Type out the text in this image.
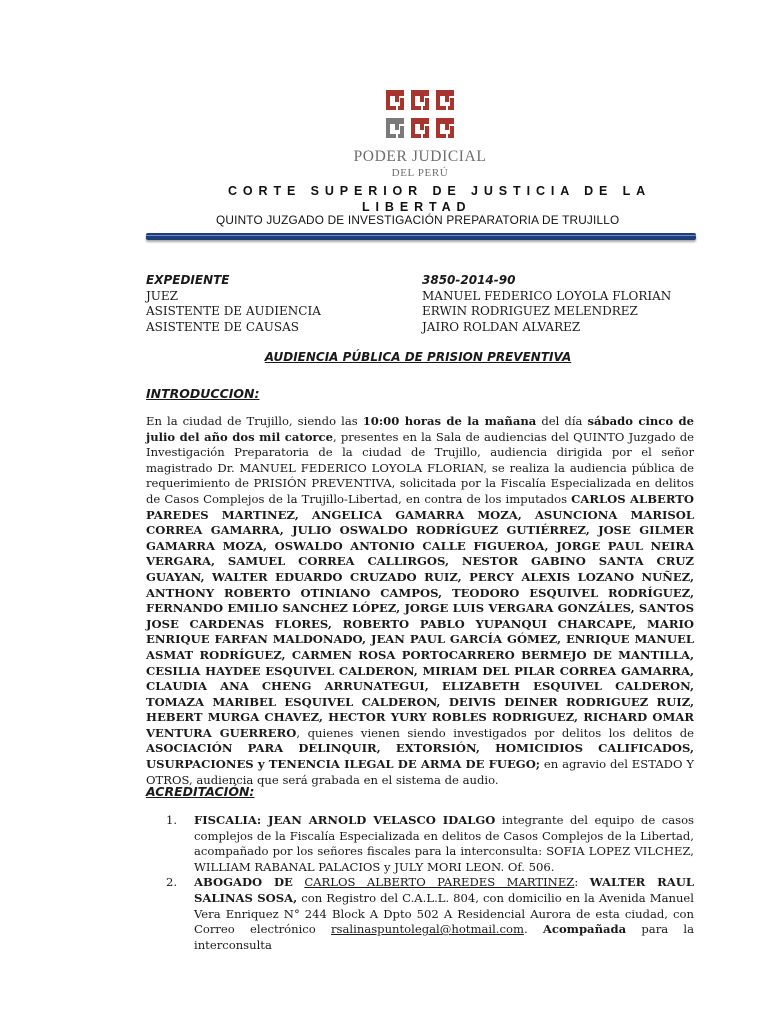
PODER JUDICIAL
DEL PERÚ
CORTE SUPERIOR DE JUSTICIA DE LA
LIBERTAD
QUINTO JUZGADO DE INVESTIGACIÓN PREPARATORIA DE TRUJILLO
EXPEDIENTE	3850-2014-90
JUEZ	MANUEL FEDERICO LOYOLA FLORIAN
ASISTENTE DE AUDIENCIA	ERWIN RODRIGUEZ MELENDREZ
ASISTENTE DE CAUSAS	JAIRO ROLDAN ALVAREZ
AUDIENCIA PÚBLICA DE PRISION PREVENTIVA
INTRODUCCION:
En la ciudad de Trujillo, siendo las 10:00 horas de la mañana del día sábado cinco de julio del año dos mil catorce, presentes en la Sala de audiencias del QUINTO Juzgado de Investigación Preparatoria de la ciudad de Trujillo, audiencia dirigida por el señor magistrado Dr. MANUEL FEDERICO LOYOLA FLORIAN, se realiza la audiencia pública de requerimiento de PRISIÓN PREVENTIVA, solicitada por la Fiscalía Especializada en delitos de Casos Complejos de la Trujillo-Libertad, en contra de los imputados CARLOS ALBERTO PAREDES MARTINEZ, ANGELICA GAMARRA MOZA, ASUNCIONA MARISOL CORREA GAMARRA, JULIO OSWALDO RODRÍGUEZ GUTIÉRREZ, JOSE GILMER GAMARRA MOZA, OSWALDO ANTONIO CALLE FIGUEROA, JORGE PAUL NEIRA VERGARA, SAMUEL CORREA CALLIRGOS, NESTOR GABINO SANTA CRUZ GUAYAN, WALTER EDUARDO CRUZADO RUIZ, PERCY ALEXIS LOZANO NUÑEZ, ANTHONY ROBERTO OTINIANO CAMPOS, TEODORO ESQUIVEL RODRÍGUEZ, FERNANDO EMILIO SANCHEZ LÓPEZ, JORGE LUIS VERGARA GONZÁLES, SANTOS JOSE CARDENAS FLORES, ROBERTO PABLO YUPANQUI CHARCAPE, MARIO ENRIQUE FARFAN MALDONADO, JEAN PAUL GARCÍA GÓMEZ, ENRIQUE MANUEL ASMAT RODRÍGUEZ, CARMEN ROSA PORTOCARRERO BERMEJO DE MANTILLA, CESILIA HAYDEE ESQUIVEL CALDERON, MIRIAM DEL PILAR CORREA GAMARRA, CLAUDIA ANA CHENG ARRUNATEGUI, ELIZABETH ESQUIVEL CALDERON, TOMAZA MARIBEL ESQUIVEL CALDERON, DEIVIS DEINER RODRIGUEZ RUIZ, HEBERT MURGA CHAVEZ, HECTOR YURY ROBLES RODRIGUEZ, RICHARD OMAR VENTURA GUERRERO, quienes vienen siendo investigados por delitos los delitos de ASOCIACIÓN PARA DELINQUIR, EXTORSIÓN, HOMICIDIOS CALIFICADOS, USURPACIONES y TENENCIA ILEGAL DE ARMA DE FUEGO; en agravio del ESTADO Y OTROS, audiencia que será grabada en el sistema de audio.
ACREDITACIÓN:
1.	FISCALIA: JEAN ARNOLD VELASCO IDALGO integrante del equipo de casos complejos de la Fiscalía Especializada en delitos de Casos Complejos de la Libertad, acompañado por los señores fiscales para la interconsulta: SOFIA LOPEZ VILCHEZ, WILLIAM RABANAL PALACIOS y JULY MORI LEON. Of. 506.
2.	ABOGADO DE CARLOS ALBERTO PAREDES MARTINEZ: WALTER RAUL SALINAS SOSA, con Registro del C.A.L.L. 804, con domicilio en la Avenida Manuel Vera Enriquez N° 244 Block A Dpto 502 A Residencial Aurora de esta ciudad, con Correo electrónico rsalinaspuntolegal@hotmail.com. Acompañada para la interconsulta
